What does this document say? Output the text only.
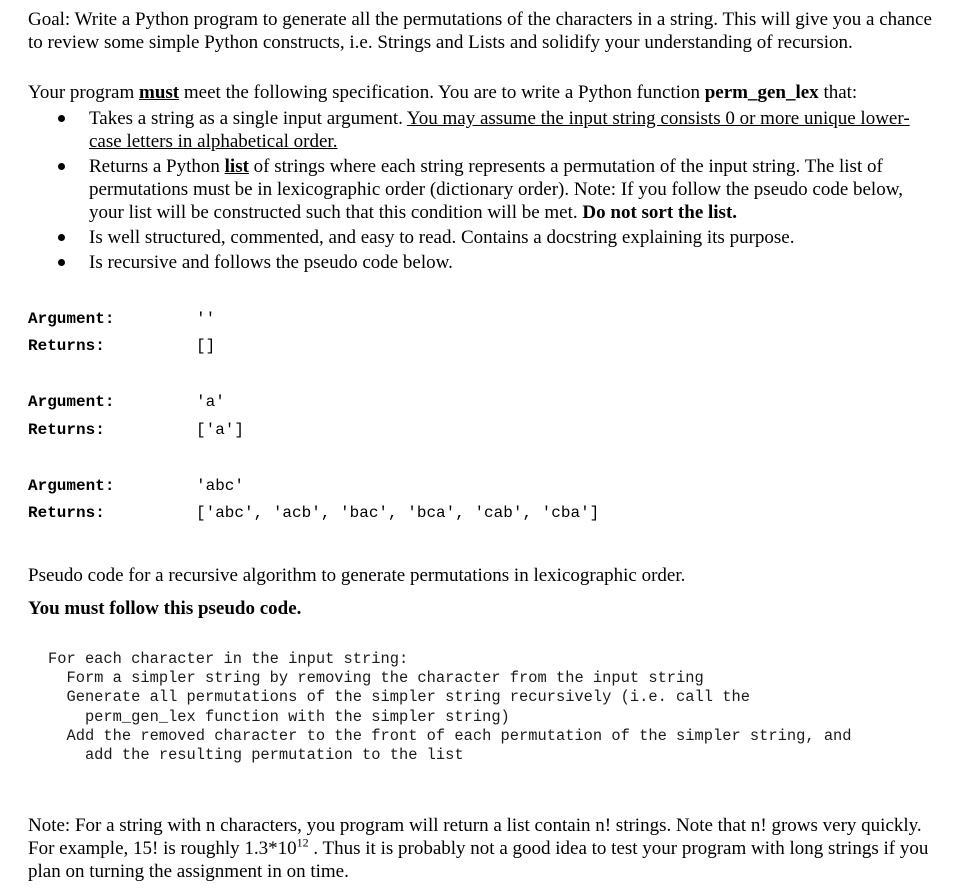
Goal: Write a Python program to generate all the permutations of the characters in a string. This will give you a chance to review some simple Python constructs, i.e. Strings and Lists and solidify your understanding of recursion.
Your program must meet the following specification. You are to write a Python function perm_gen_lex that:
Takes a string as a single input argument. You may assume the input string consists 0 or more unique lower-case letters in alphabetical order.
Returns a Python list of strings where each string represents a permutation of the input string. The list of permutations must be in lexicographic order (dictionary order). Note: If you follow the pseudo code below, your list will be constructed such that this condition will be met. Do not sort the list.
Is well structured, commented, and easy to read. Contains a docstring explaining its purpose.
Is recursive and follows the pseudo code below.
Argument:	''
Returns:	[]
Argument:	'a'
Returns:	['a']
Argument:	'abc'
Returns:	['abc', 'acb', 'bac', 'bca', 'cab', 'cba']
Pseudo code for a recursive algorithm to generate permutations in lexicographic order.
You must follow this pseudo code.
For each character in the input string:
Form a simpler string by removing the character from the input string
Generate all permutations of the simpler string recursively (i.e. call the
perm_gen_lex function with the simpler string)
Add the removed character to the front of each permutation of the simpler string, and
add the resulting permutation to the list
Note: For a string with n characters, you program will return a list contain n! strings. Note that n! grows very quickly. For example, 15! is roughly $1.3*10^{12}$ . Thus it is probably not a good idea to test your program with long strings if you plan on turning the assignment in on time.
